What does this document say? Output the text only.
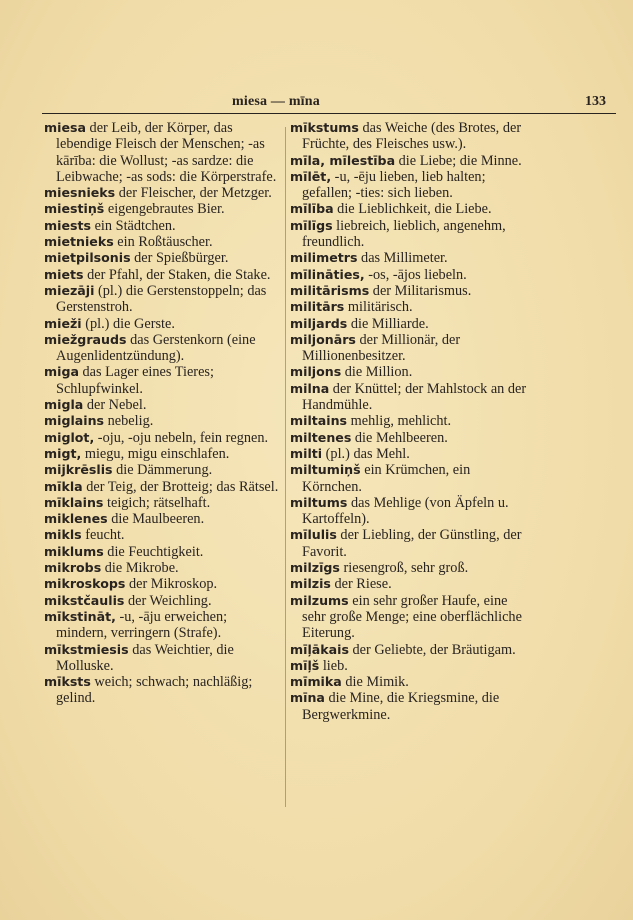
miesa — mīna	133

miesa der Leib, der Körper, das lebendige Fleisch der Menschen; -as kārība: die Wollust; -as sardze: die Leibwache; -as sods: die Körperstrafe.

miesnieks der Fleischer, der Metzger.

miestiņš eigengebrautes Bier.

miests ein Städtchen.

mietnieks ein Roßtäuscher.

mietpilsonis der Spießbürger.

miets der Pfahl, der Staken, die Stake.

miezāji (pl.) die Gerstenstoppeln; das Gerstenstroh.

mieži (pl.) die Gerste.

miežgrauds das Gerstenkorn (eine Augenlidentzündung).

miga das Lager eines Tieres; Schlupfwinkel.

migla der Nebel.

miglains nebelig.

miglot, -oju, -oju nebeln, fein regnen.

migt, miegu, migu einschlafen.

mijkrēslis die Dämmerung.

mīkla der Teig, der Brotteig; das Rätsel.

mīklains teigich; rätselhaft.

miklenes die Maulbeeren.

mikls feucht.

miklums die Feuchtigkeit.

mikrobs die Mikrobe.

mikroskops der Mikroskop.

mikstčaulis der Weichling.

mīkstināt, -u, -āju erweichen; mindern, verringern (Strafe).

mīkstmiesis das Weichtier, die Molluske.

mīksts weich; schwach; nachläßig; gelind.

mīkstums das Weiche (des Brotes, der Früchte, des Fleisches usw.).

mīla, mīlestība die Liebe; die Minne.

mīlēt, -u, -ēju lieben, lieb halten; gefallen; -ties: sich lieben.

mīlība die Lieblichkeit, die Liebe.

mīlīgs liebreich, lieblich, angenehm, freundlich.

milimetrs das Millimeter.

mīlināties, -os, -ājos liebeln.

militārisms der Militarismus.

militārs militärisch.

miljards die Milliarde.

miljonārs der Millionär, der Millionenbesitzer.

miljons die Million.

milna der Knüttel; der Mahlstock an der Handmühle.

miltains mehlig, mehlicht.

miltenes die Mehlbeeren.

milti (pl.) das Mehl.

miltumiņš ein Krümchen, ein Körnchen.

miltums das Mehlige (von Äpfeln u. Kartoffeln).

mīlulis der Liebling, der Günstling, der Favorit.

milzīgs riesengroß, sehr groß.

milzis der Riese.

milzums ein sehr großer Haufe, eine sehr große Menge; eine oberflächliche Eiterung.

mīļākais der Geliebte, der Bräutigam.

mīļš lieb.

mīmika die Mimik.

mīna die Mine, die Kriegsmine, die Bergwerkmine.
